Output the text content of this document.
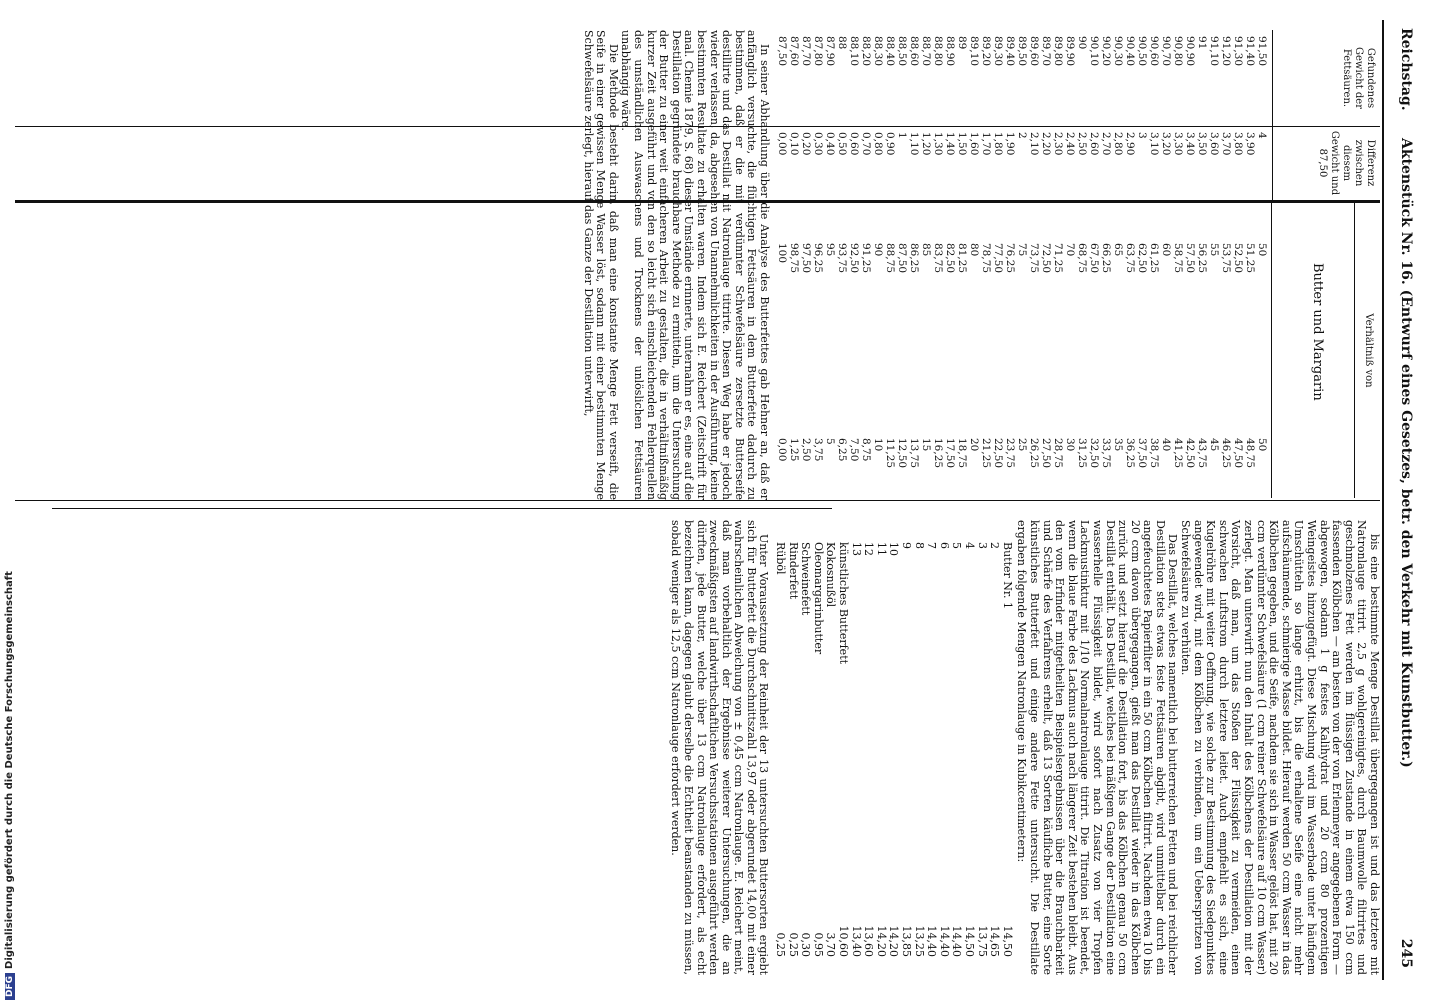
Reichstag.
Aktenstück Nr. 16. (Entwurf eines Gesetzes, betr. den Verkehr mit Kunstbutter.)
245
Gefundenes Gewicht der Fettsäuren.
91,50
91,40
91,30
91,20
91,10
91
90,90
90,80
90,70
90,60
90,50
90,40
90,30
90,20
90,10
90
89,90
89,80
89,70
89,60
89,50
89,40
89,30
89,20
89,10
89
88,90
88,80
88,70
88,60
88,50
88,40
88,30
88,20
88,10
88
87,90
87,80
87,70
87,60
87,50
Differenz zwischen diesem Gewicht und 87,50
4
3,90
3,80
3,70
3,60
3,50
3,40
3,30
3,20
3,10
3
2,90
2,80
2,70
2,60
2,50
2,40
2,30
2,20
2,10
2
1,90
1,80
1,70
1,60
1,50
1,40
1,30
1,20
1,10
1
0,90
0,80
0,70
0,60
0,50
0,40
0,30
0,20
0,10
0,00
Verhältniß von
Butter und Margarin
50
50
51,25
48,75
52,50
47,50
53,75
46,25
55
45
56,25
43,75
57,50
42,50
58,75
41,25
60
40
61,25
38,75
62,50
37,50
63,75
36,25
65
35
66,25
33,75
67,50
32,50
68,75
31,25
70
30
71,25
28,75
72,50
27,50
73,75
26,25
75
25
76,25
23,75
77,50
22,50
78,75
21,25
80
20
81,25
18,75
82,50
17,50
83,75
16,25
85
15
86,25
13,75
87,50
12,50
88,75
11,25
90
10
91,25
8,75
92,50
7,50
93,75
6,25
95
5
96,25
3,75
97,50
2,50
98,75
1,25
100
0,00

bis eine bestimmte Menge Destillat übergegangen ist und das letztere mit Natronlauge titrirt. 2,5 g wohlgereinigtes, durch Baumwolle filtrirtes und geschmolzenes Fett werden im flüssigen Zustande in einem etwa 150 ccm fassenden Kölbchen — am besten von der von Erlenmeyer angegebenen Form — abgewogen, sodann 1 g festes Kalihydrat und 20 ccm 80 prozentigen Weingeistes hinzugefügt. Diese Mischung wird im Wasserbade unter häufigem Umschütteln so lange erhitzt, bis die erhaltene Seife eine nicht mehr aufschäumende, schmierige Masse bildet. Hierauf werden 50 ccm Wasser in das Kölbchen gegeben, und die Seife, nachdem sie sich in Wasser gelöst hat, mit 20 ccm verdünnter Schwefelsäure (1 ccm reiner Schwefelsäure auf 10 ccm Wasser) zerlegt. Man unterwirft nun den Inhalt des Kölbchens der Destillation mit der Vorsicht, daß man, um das Stoßen der Flüssigkeit zu vermeiden, einen schwachen Luftstrom durch letztere leitet. Auch empfiehlt es sich, eine Kugelröhre mit weiter Oeffnung, wie solche zur Bestimmung des Siedepunktes angewendet wird, mit dem Kölbchen zu verbinden, um ein Ueberspritzen von Schwefelsäure zu verhüten.

Das Destillat, welches namentlich bei butterreichen Fetten und bei reichlicher Destillation stets etwas feste Fettsäuren abgibt, wird unmittelbar durch ein angefeuchtetes Papierfilter in ein 50 ccm Kölbchen filtrirt. Nachdem etwa 10 bis 20 ccm davon übergegangen, gießt man das Destillat wieder in das Kölbchen zurück und setzt hierauf die Destillation fort, bis das Kölbchen genau 50 ccm Destillat enthält. Das Destillat, welches bei mäßigem Gange der Destillation eine wasserhelle Flüssigkeit bildet, wird sofort nach Zusatz von vier Tropfen Lackmustinktur mit 1/10 Normalnatronlauge titrirt. Die Titration ist beendet, wenn die blaue Farbe des Lackmus auch nach längerer Zeit bestehen bleibt. Aus den vom Erfinder mitgetheilten Beispielsergebnissen über die Brauchbarkeit und Schärfe des Verfahrens erhellt, daß 13 Sorten käufliche Butter, eine Sorte künstliches Butterfett und einige andere Fette untersucht. Die Destillate ergaben folgende Mengen Natronlauge in Kubikcentimetern:

Butter Nr. 1
14,50
2
14,65
3
13,75
4
14,50
5
14,40
6
14,40
7
14,40
8
13,25
9
13,85
10
14,20
11
14,20
12
13,60
13
13,40
künstliches Butterfett
10,60
Kokosnußöl
3,70
Oleomargarinbutter
0,95
Schweinefett
0,30
Rinderfett
0,25
Rüböl
0,25

Unter Voraussetzung der Reinheit der 13 untersuchten Buttersorten ergiebt sich für Butterfett die Durchschnittszahl 13,97 oder abgerundet 14,00 mit einer wahrscheinlichen Abweichung von ± 0,45 ccm Natronlauge. E. Reichert meint, daß man vorbehaltlich der Ergebnisse weiterer Untersuchungen, die an zweckmäßigsten auf landwirthschaftlichen Versuchsstationen ausgeführt werden dürften, jede Butter, welche über 13 ccm Natronlauge erfordert, als echt bezeichnen kann, dagegen glaubt derselbe die Echtheit beanstanden zu müssen, sobald weniger als 12,5 ccm Natronlauge erfordert werden.

In seiner Abhandlung über die Analyse des Butterfettes gab Hehner an, daß er anfänglich versuchte, die flüchtigen Fettsäuren in dem Butterfette dadurch zu bestimmen, daß er die mit verdünnter Schwefelsäure zersetzte Butterseife destillirte und das Destillat mit Natronlauge titrirte. Diesen Weg habe er jedoch wieder verlassen, da, abgesehen von Unannehmlichkeiten in der Ausführung, keine bestimmten Resultate zu erhalten waren. Indem sich E. Reichert (Zeitschrift für anal. Chemie 1879, S. 68) dieser Umstände erinnerte, unternahm er es, eine auf die Destillation gegründete brauchbare Methode zu ermitteln, um die Untersuchung der Butter zu einer weit einfacheren Arbeit zu gestalten, die in verhältnißmäßig kurzer Zeit ausgeführt und von den so leicht sich einschleichenden Fehlerquellen des umständlichen Auswaschens und Trocknens der unlöslichen Fettsäuren unabhängig wäre.

Die Methode besteht darin, daß man eine konstante Menge Fett verseift, die Seife in einer gewissen Menge Wasser löst, sodann mit einer bestimmten Menge Schwefelsäure zerlegt, hierauf das Ganze der Destillation unterwirft,

DFGDigitalisierung gefördert durch die Deutsche Forschungsgemeinschaft
